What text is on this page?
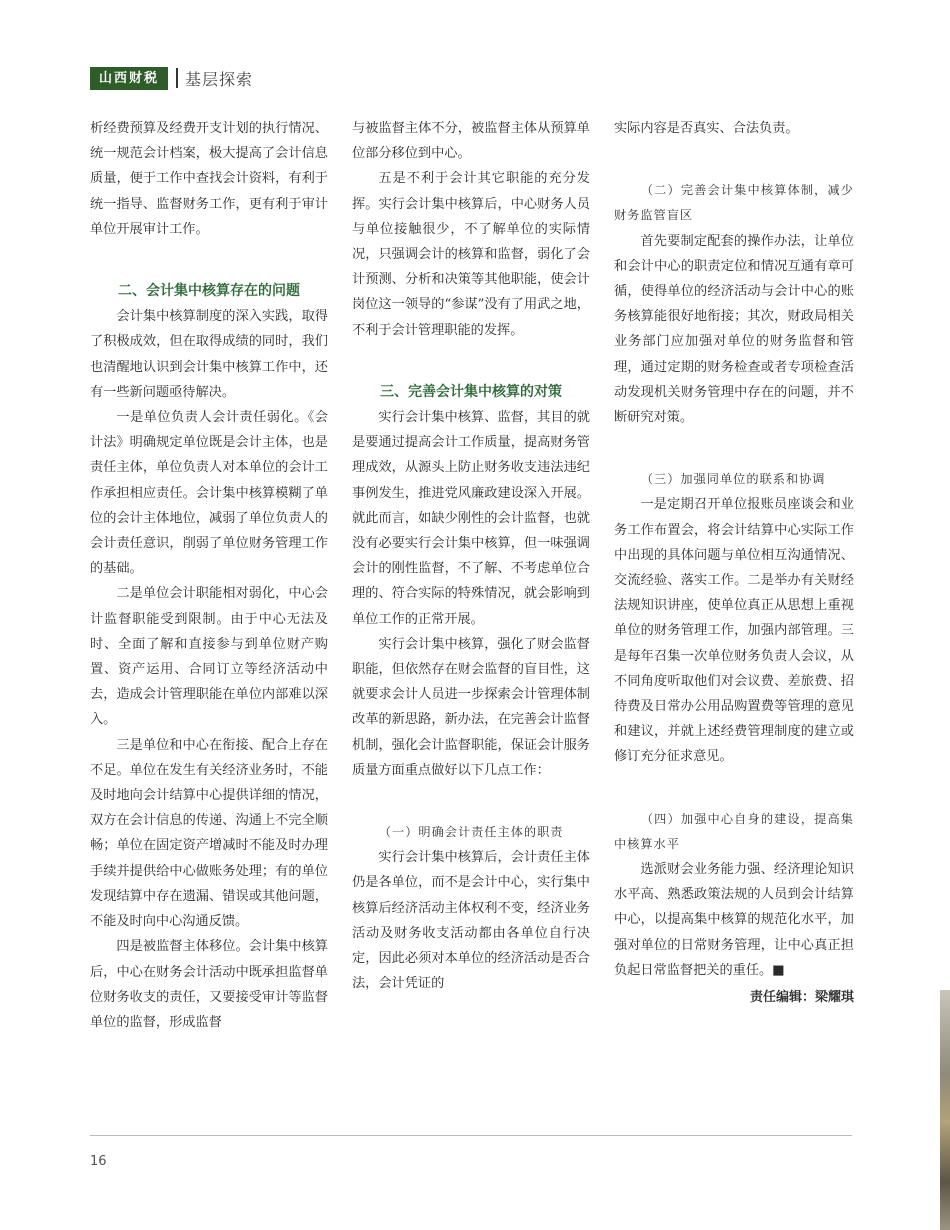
山西财税	基层探索

析经费预算及经费开支计划的执行情况、统一规范会计档案，极大提高了会计信息质量，便于工作中查找会计资料，有利于统一指导、监督财务工作，更有利于审计单位开展审计工作。

二、会计集中核算存在的问题

会计集中核算制度的深入实践，取得了积极成效，但在取得成绩的同时，我们也清醒地认识到会计集中核算工作中，还有一些新问题亟待解决。

一是单位负责人会计责任弱化。《会计法》明确规定单位既是会计主体，也是责任主体，单位负责人对本单位的会计工作承担相应责任。会计集中核算模糊了单位的会计主体地位，减弱了单位负责人的会计责任意识，削弱了单位财务管理工作的基础。

二是单位会计职能相对弱化，中心会计监督职能受到限制。由于中心无法及时、全面了解和直接参与到单位财产购置、资产运用、合同订立等经济活动中去，造成会计管理职能在单位内部难以深入。

三是单位和中心在衔接、配合上存在不足。单位在发生有关经济业务时，不能及时地向会计结算中心提供详细的情况，双方在会计信息的传递、沟通上不完全顺畅；单位在固定资产增减时不能及时办理手续并提供给中心做账务处理；有的单位发现结算中存在遗漏、错误或其他问题，不能及时向中心沟通反馈。

四是被监督主体移位。会计集中核算后，中心在财务会计活动中既承担监督单位财务收支的责任，又要接受审计等监督单位的监督，形成监督

与被监督主体不分，被监督主体从预算单位部分移位到中心。

五是不利于会计其它职能的充分发挥。实行会计集中核算后，中心财务人员与单位接触很少，不了解单位的实际情况，只强调会计的核算和监督，弱化了会计预测、分析和决策等其他职能，使会计岗位这一领导的“参谋”没有了用武之地，不利于会计管理职能的发挥。

三、完善会计集中核算的对策

实行会计集中核算、监督，其目的就是要通过提高会计工作质量，提高财务管理成效，从源头上防止财务收支违法违纪事例发生，推进党风廉政建设深入开展。就此而言，如缺少刚性的会计监督，也就没有必要实行会计集中核算，但一味强调会计的刚性监督，不了解、不考虑单位合理的、符合实际的特殊情况，就会影响到单位工作的正常开展。

实行会计集中核算，强化了财会监督职能，但依然存在财会监督的盲目性，这就要求会计人员进一步探索会计管理体制改革的新思路，新办法，在完善会计监督机制，强化会计监督职能，保证会计服务质量方面重点做好以下几点工作：

（一）明确会计责任主体的职责

实行会计集中核算后，会计责任主体仍是各单位，而不是会计中心，实行集中核算后经济活动主体权利不变，经济业务活动及财务收支活动都由各单位自行决定，因此必须对本单位的经济活动是否合法，会计凭证的

实际内容是否真实、合法负责。

（二）完善会计集中核算体制，减少财务监管盲区

首先要制定配套的操作办法，让单位和会计中心的职责定位和情况互通有章可循，使得单位的经济活动与会计中心的账务核算能很好地衔接；其次，财政局相关业务部门应加强对单位的财务监督和管理，通过定期的财务检查或者专项检查活动发现机关财务管理中存在的问题，并不断研究对策。

（三）加强同单位的联系和协调

一是定期召开单位报账员座谈会和业务工作布置会，将会计结算中心实际工作中出现的具体问题与单位相互沟通情况、交流经验、落实工作。二是举办有关财经法规知识讲座，使单位真正从思想上重视单位的财务管理工作，加强内部管理。三是每年召集一次单位财务负责人会议，从不同角度听取他们对会议费、差旅费、招待费及日常办公用品购置费等管理的意见和建议，并就上述经费管理制度的建立或修订充分征求意见。

（四）加强中心自身的建设，提高集中核算水平

选派财会业务能力强、经济理论知识水平高、熟悉政策法规的人员到会计结算中心，以提高集中核算的规范化水平，加强对单位的日常财务管理，让中心真正担负起日常监督把关的重任。■

责任编辑：梁耀琪
16
